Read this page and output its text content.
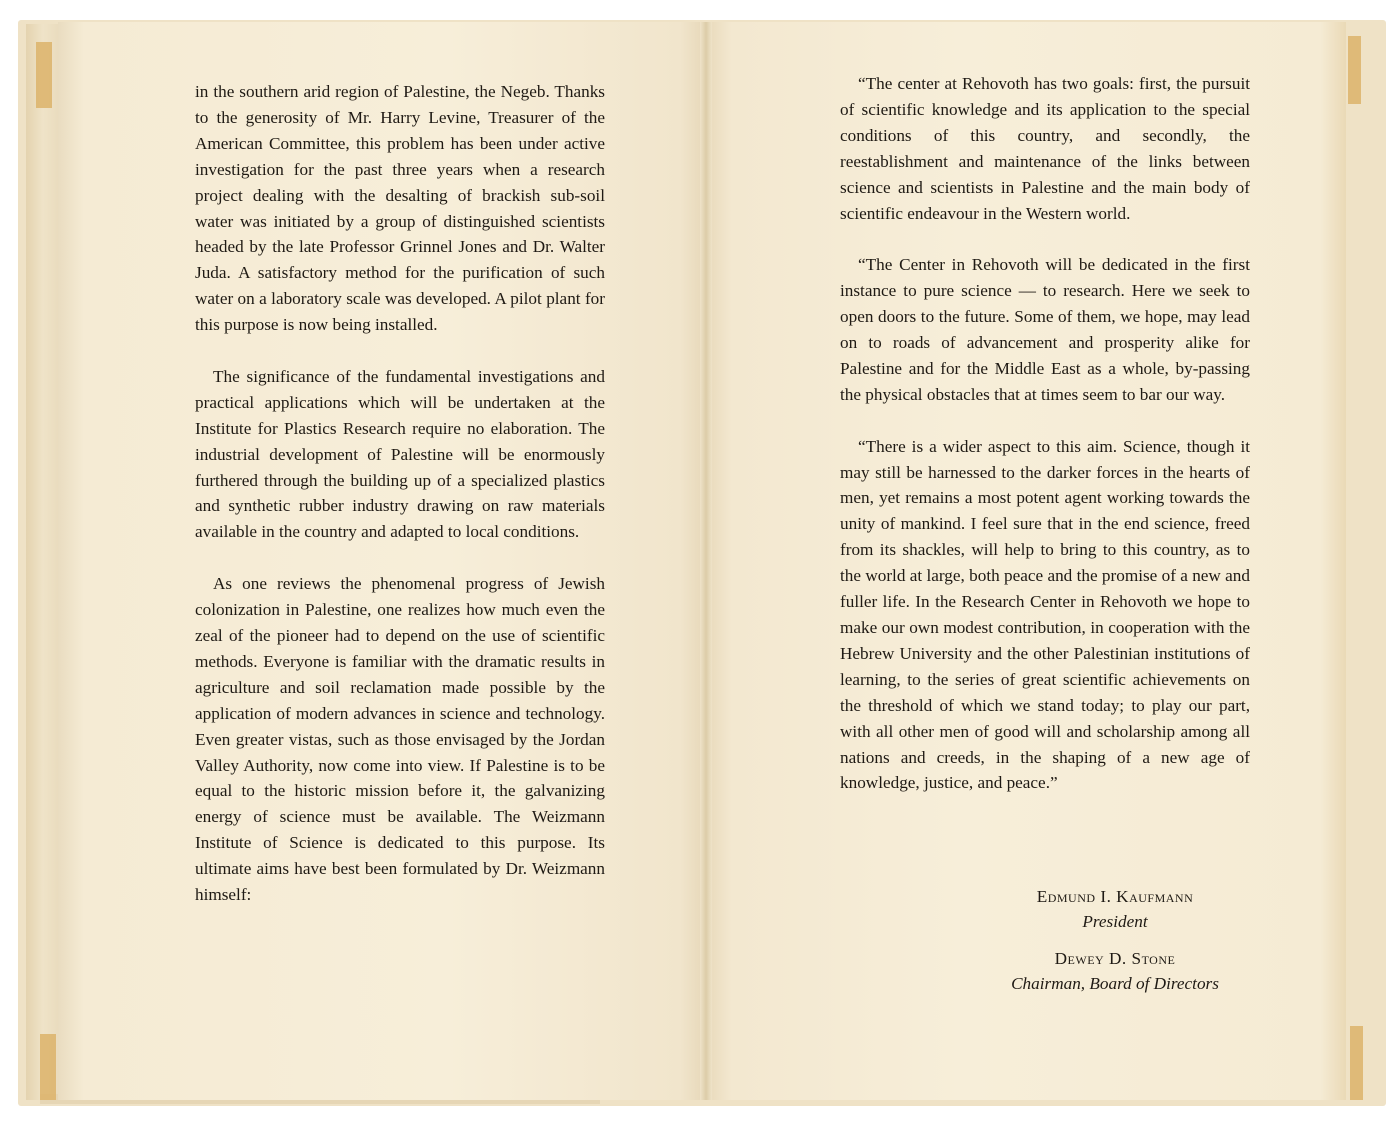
in the southern arid region of Palestine, the Negeb. Thanks to the generosity of Mr. Harry Levine, Treasurer of the American Committee, this problem has been under active investigation for the past three years when a research project dealing with the desalting of brackish sub-soil water was initiated by a group of distinguished scientists headed by the late Professor Grinnel Jones and Dr. Walter Juda. A satisfactory method for the purification of such water on a laboratory scale was developed. A pilot plant for this purpose is now being installed.

The significance of the fundamental investigations and practical applications which will be undertaken at the Institute for Plastics Research require no elaboration. The industrial development of Palestine will be enormously furthered through the building up of a specialized plastics and synthetic rubber industry drawing on raw materials available in the country and adapted to local conditions.

As one reviews the phenomenal progress of Jewish colonization in Palestine, one realizes how much even the zeal of the pioneer had to depend on the use of scientific methods. Everyone is familiar with the dramatic results in agriculture and soil reclamation made possible by the application of modern advances in science and technology. Even greater vistas, such as those envisaged by the Jordan Valley Authority, now come into view. If Palestine is to be equal to the historic mission before it, the galvanizing energy of science must be available. The Weizmann Institute of Science is dedicated to this purpose. Its ultimate aims have best been formulated by Dr. Weizmann himself:

“The center at Rehovoth has two goals: first, the pursuit of scientific knowledge and its application to the special conditions of this country, and secondly, the reestablishment and maintenance of the links between science and scientists in Palestine and the main body of scientific endeavour in the Western world.

“The Center in Rehovoth will be dedicated in the first instance to pure science — to research. Here we seek to open doors to the future. Some of them, we hope, may lead on to roads of advancement and prosperity alike for Palestine and for the Middle East as a whole, by-passing the physical obstacles that at times seem to bar our way.

“There is a wider aspect to this aim. Science, though it may still be harnessed to the darker forces in the hearts of men, yet remains a most potent agent working towards the unity of mankind. I feel sure that in the end science, freed from its shackles, will help to bring to this country, as to the world at large, both peace and the promise of a new and fuller life. In the Research Center in Rehovoth we hope to make our own modest contribution, in cooperation with the Hebrew University and the other Palestinian institutions of learning, to the series of great scientific achievements on the threshold of which we stand today; to play our part, with all other men of good will and scholarship among all nations and creeds, in the shaping of a new age of knowledge, justice, and peace.”

Edmund I. Kaufmann
President
Dewey D. Stone
Chairman, Board of Directors
